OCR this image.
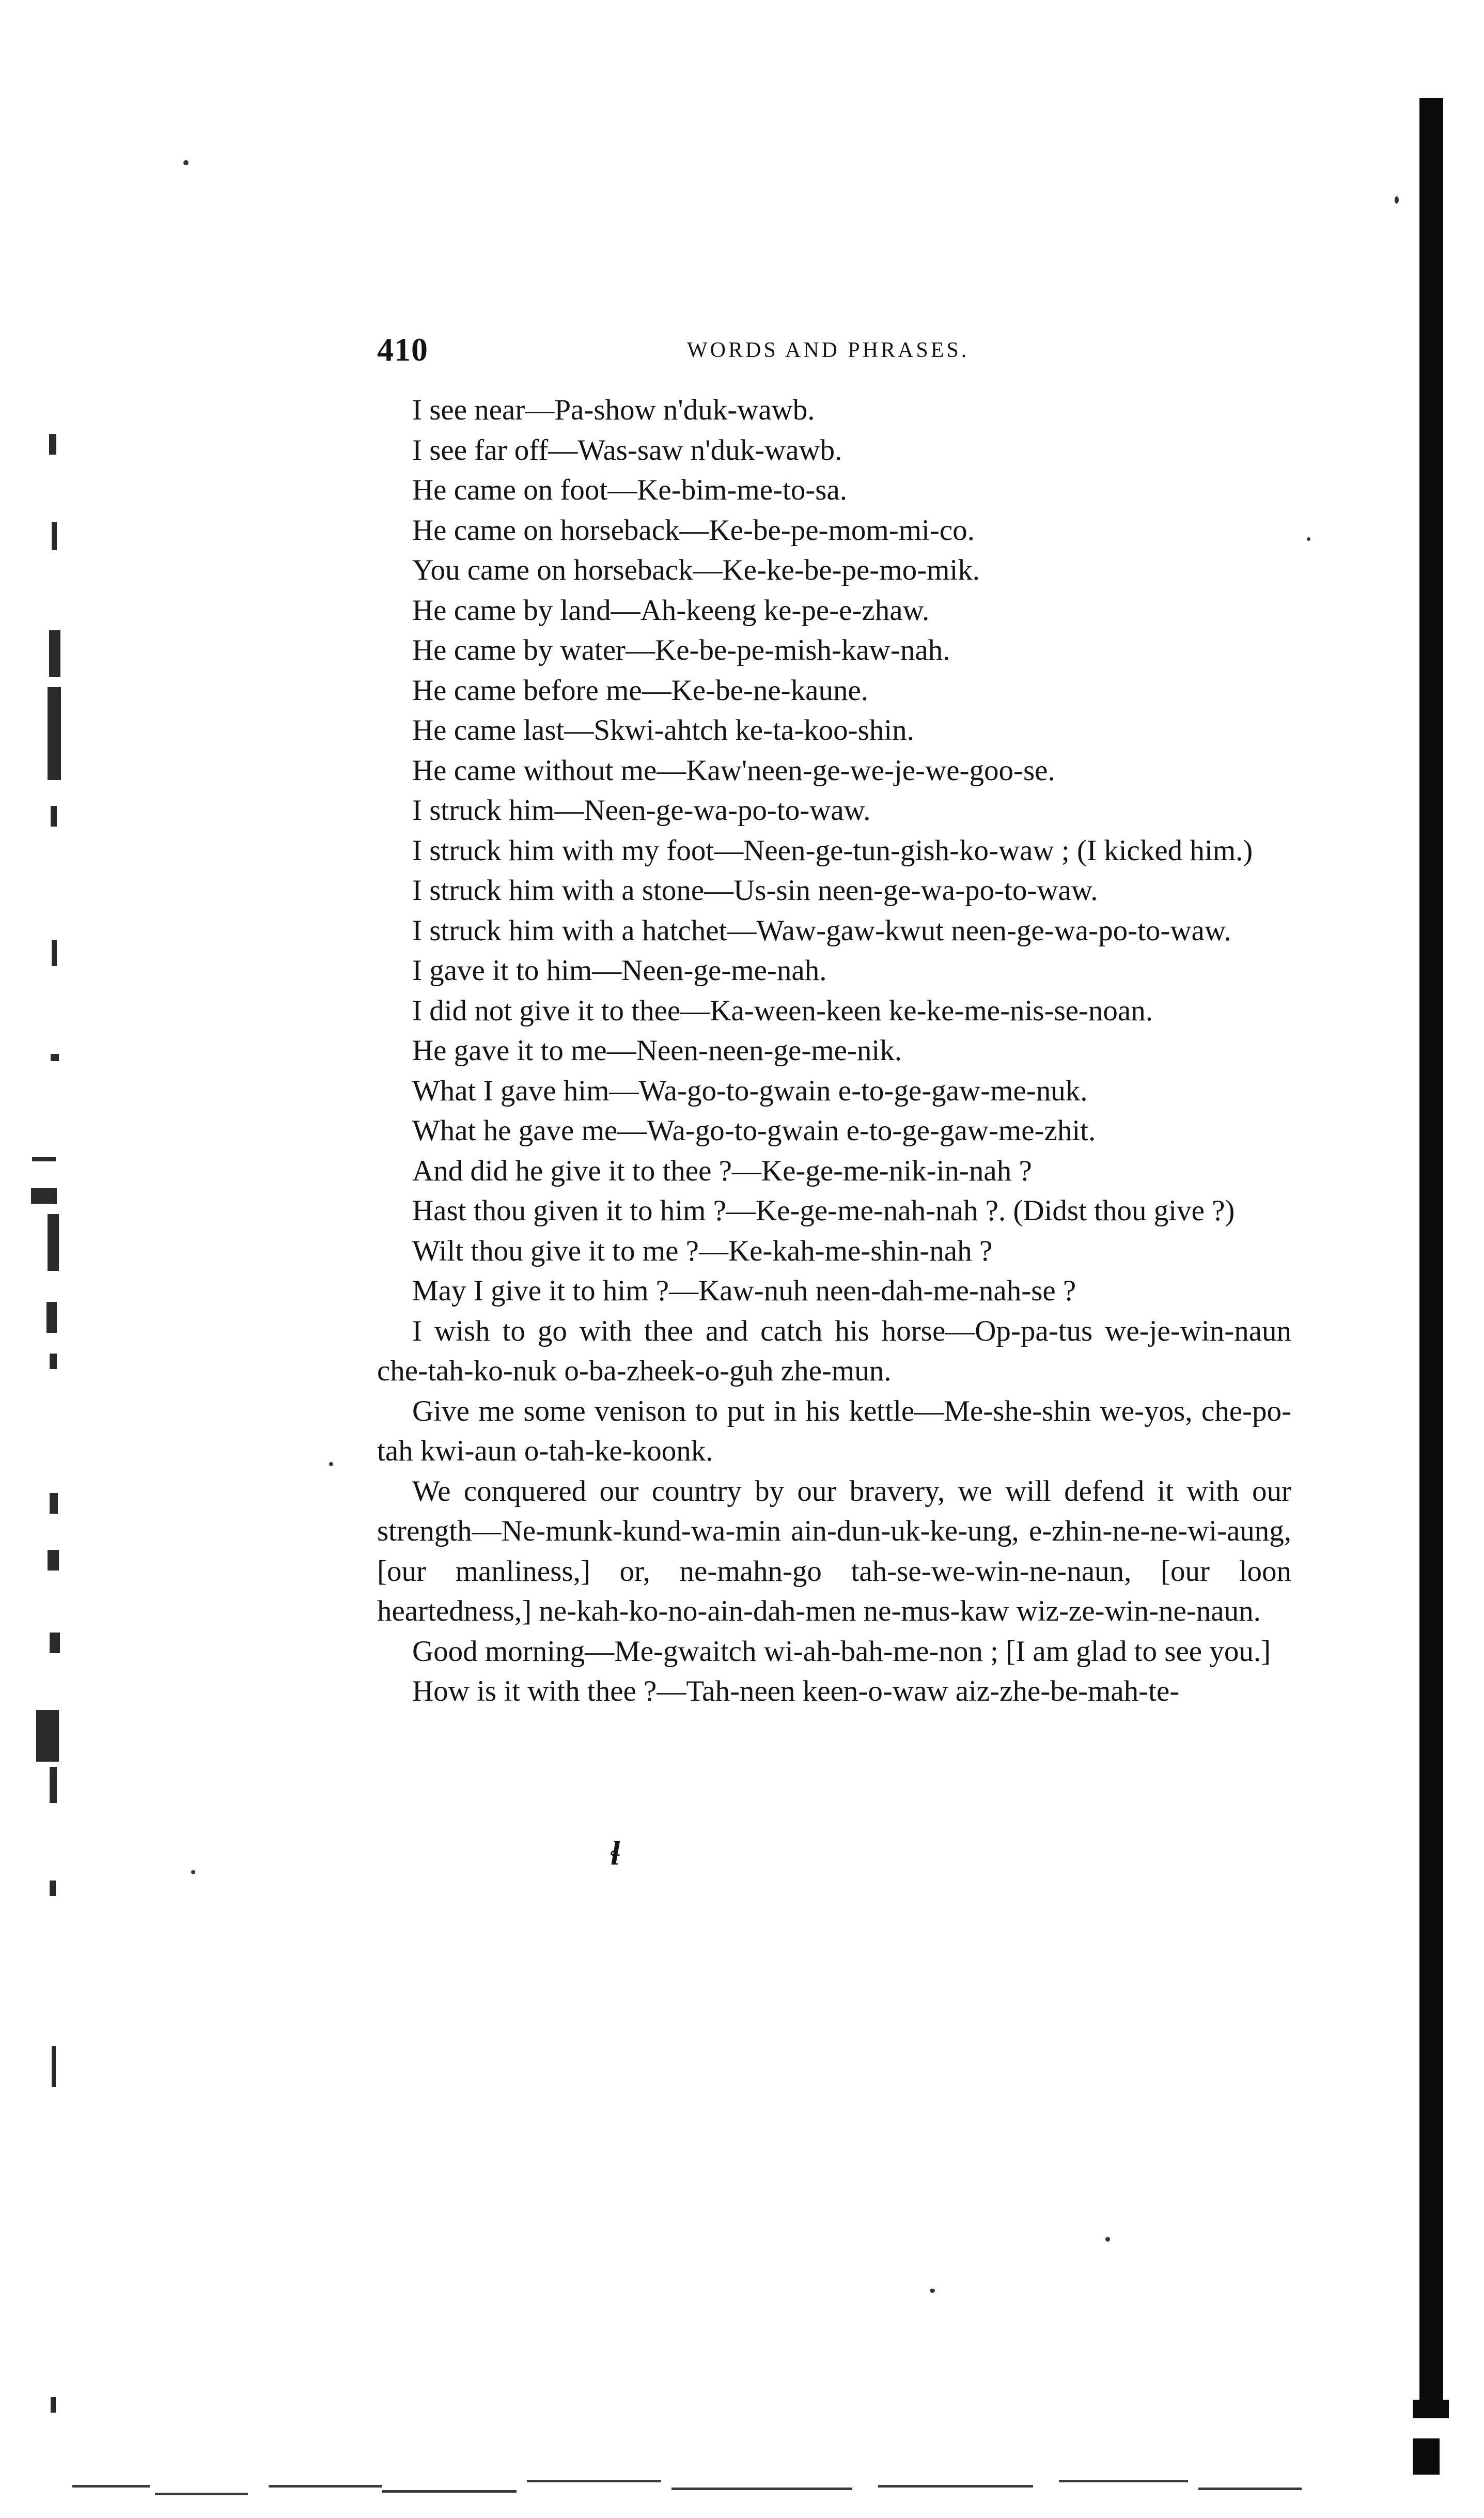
410	WORDS AND PHRASES.

I see near—Pa-show n'duk-wawb.

I see far off—Was-saw n'duk-wawb.

He came on foot—Ke-bim-me-to-sa.

He came on horseback—Ke-be-pe-mom-mi-co.

You came on horseback—Ke-ke-be-pe-mo-mik.

He came by land—Ah-keeng ke-pe-e-zhaw.

He came by water—Ke-be-pe-mish-kaw-nah.

He came before me—Ke-be-ne-kaune.

He came last—Skwi-ahtch ke-ta-koo-shin.

He came without me—Kaw'neen-ge-we-je-we-goo-se.

I struck him—Neen-ge-wa-po-to-waw.

I struck him with my foot—Neen-ge-tun-gish-ko-waw ; (I kicked him.)

I struck him with a stone—Us-sin neen-ge-wa-po-to-waw.

I struck him with a hatchet—Waw-gaw-kwut neen-ge-wa-po-to-waw.

I gave it to him—Neen-ge-me-nah.

I did not give it to thee—Ka-ween-keen ke-ke-me-nis-se-noan.

He gave it to me—Neen-neen-ge-me-nik.

What I gave him—Wa-go-to-gwain e-to-ge-gaw-me-nuk.

What he gave me—Wa-go-to-gwain e-to-ge-gaw-me-zhit.

And did he give it to thee ?—Ke-ge-me-nik-in-nah ?

Hast thou given it to him ?—Ke-ge-me-nah-nah ?. (Didst thou give ?)

Wilt thou give it to me ?—Ke-kah-me-shin-nah ?

May I give it to him ?—Kaw-nuh neen-dah-me-nah-se ?

I wish to go with thee and catch his horse—Op-pa-tus we-je-win-naun che-tah-ko-nuk o-ba-zheek-o-guh zhe-mun.

Give me some venison to put in his kettle—Me-she-shin we-yos, che-po-tah kwi-aun o-tah-ke-koonk.

We conquered our country by our bravery, we will defend it with our strength—Ne-munk-kund-wa-min ain-dun-uk-ke-ung, e-zhin-ne-ne-wi-aung, [our manliness,] or, ne-mahn-go tah-se-we-win-ne-naun, [our loon heartedness,] ne-kah-ko-no-ain-dah-men ne-mus-kaw wiz-ze-win-ne-naun.

Good morning—Me-gwaitch wi-ah-bah-me-non ; [I am glad to see you.]

How is it with thee ?—Tah-neen keen-o-waw aiz-zhe-be-mah-te-

ɬ
